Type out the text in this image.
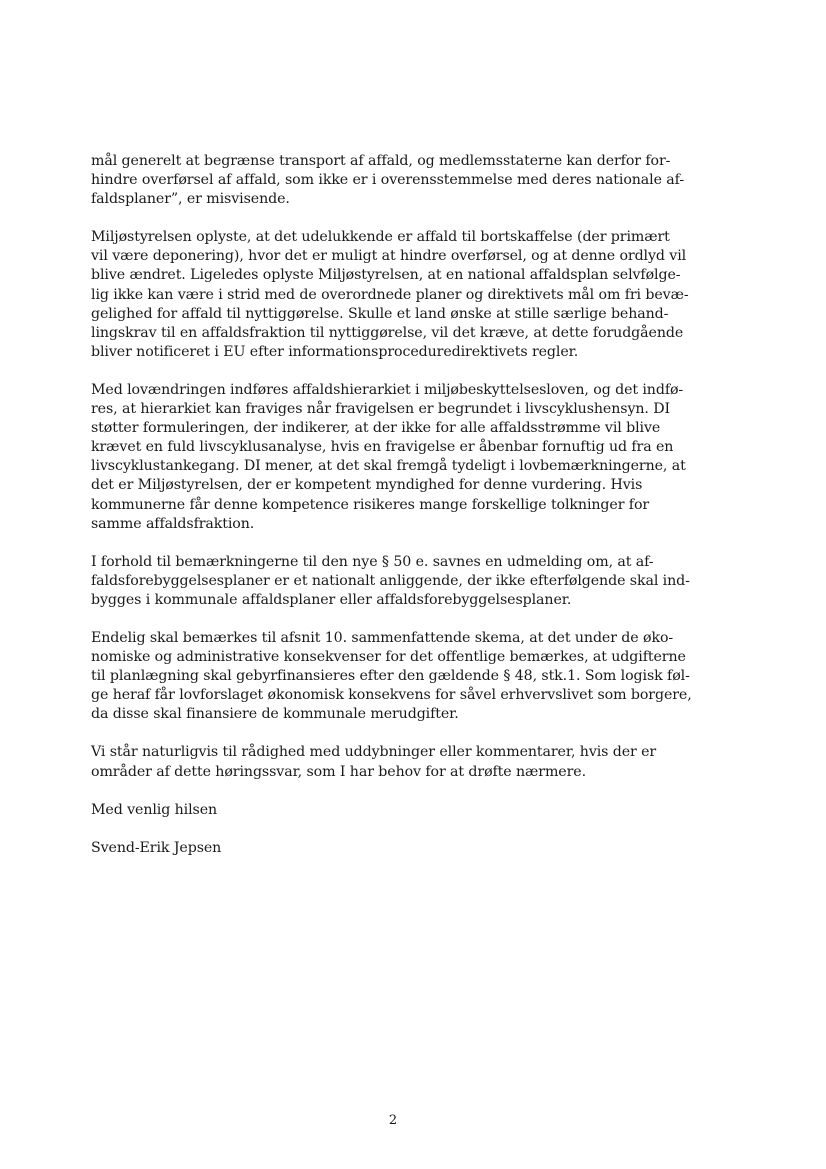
mål generelt at begrænse transport af affald, og medlemsstaterne kan derfor for-
hindre overførsel af affald, som ikke er i overensstemmelse med deres nationale af-
faldsplaner”, er misvisende.

Miljøstyrelsen oplyste, at det udelukkende er affald til bortskaffelse (der primært
vil være deponering), hvor det er muligt at hindre overførsel, og at denne ordlyd vil
blive ændret. Ligeledes oplyste Miljøstyrelsen, at en national affaldsplan selvfølge-
lig ikke kan være i strid med de overordnede planer og direktivets mål om fri bevæ-
gelighed for affald til nyttiggørelse. Skulle et land ønske at stille særlige behand-
lingskrav til en affaldsfraktion til nyttiggørelse, vil det kræve, at dette forudgående
bliver notificeret i EU efter informationsproceduredirektivets regler.

Med lovændringen indføres affaldshierarkiet i miljøbeskyttelsesloven, og det indfø-
res, at hierarkiet kan fraviges når fravigelsen er begrundet i livscyklushensyn. DI
støtter formuleringen, der indikerer, at der ikke for alle affaldsstrømme vil blive
krævet en fuld livscyklusanalyse, hvis en fravigelse er åbenbar fornuftig ud fra en
livscyklustankegang. DI mener, at det skal fremgå tydeligt i lovbemærkningerne, at
det er Miljøstyrelsen, der er kompetent myndighed for denne vurdering. Hvis
kommunerne får denne kompetence risikeres mange forskellige tolkninger for
samme affaldsfraktion.

I forhold til bemærkningerne til den nye § 50 e. savnes en udmelding om, at af-
faldsforebyggelsesplaner er et nationalt anliggende, der ikke efterfølgende skal ind-
bygges i kommunale affaldsplaner eller affaldsforebyggelsesplaner.

Endelig skal bemærkes til afsnit 10. sammenfattende skema, at det under de øko-
nomiske og administrative konsekvenser for det offentlige bemærkes, at udgifterne
til planlægning skal gebyrfinansieres efter den gældende § 48, stk.1. Som logisk føl-
ge heraf får lovforslaget økonomisk konsekvens for såvel erhvervslivet som borgere,
da disse skal finansiere de kommunale merudgifter.

Vi står naturligvis til rådighed med uddybninger eller kommentarer, hvis der er
områder af dette høringssvar, som I har behov for at drøfte nærmere.

Med venlig hilsen

Svend-Erik Jepsen

2
